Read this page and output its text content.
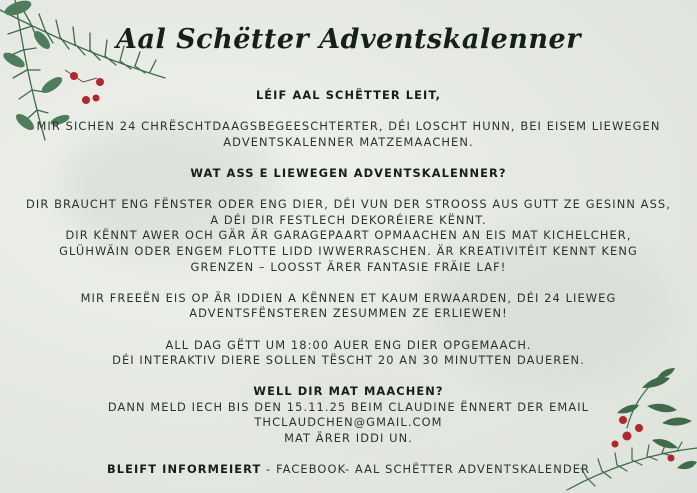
Aal Schëtter Adventskalenner

LÉIF AAL SCHËTTER LEIT,

MIR SICHEN 24 CHRËSCHTDAAGSBEGEESCHTERTER, DÉI LOSCHT HUNN, BEI EISEM LIEWEGEN

ADVENTSKALENNER MATZEMAACHEN.

WAT ASS E LIEWEGEN ADVENTSKALENNER?

DIR BRAUCHT ENG FËNSTER ODER ENG DIER, DÉI VUN DER STROOSS AUS GUTT ZE GESINN ASS,

A DÉI DIR FESTLECH DEKORÉIERE KËNNT.

DIR KËNNT AWER OCH GÄR ÄR GARAGEPAART OPMAACHEN AN EIS MAT KICHELCHER,

GLÜHWÄIN ODER ENGEM FLOTTE LIDD IWWERRASCHEN. ÄR KREATIVITÉIT KENNT KENG

GRENZEN – LOOSST ÄRER FANTASIE FRÄIE LAF!

MIR FREEËN EIS OP ÄR IDDIEN A KËNNEN ET KAUM ERWAARDEN, DÉI 24 LIEWEG

ADVENTSFËNSTEREN ZESUMMEN ZE ERLIEWEN!

ALL DAG GËTT UM 18:00 AUER ENG DIER OPGEMAACH.

DÉI INTERAKTIV DIERE SOLLEN TËSCHT 20 AN 30 MINUTTEN DAUEREN.

WELL DIR MAT MAACHEN?

DANN MELD IECH BIS DEN 15.11.25 BEIM CLAUDINE ËNNERT DER EMAIL

THCLAUDCHEN@GMAIL.COM

MAT ÄRER IDDI UN.

BLEIFT INFORMEIERT - FACEBOOK- AAL SCHËTTER ADVENTSKALENDER
